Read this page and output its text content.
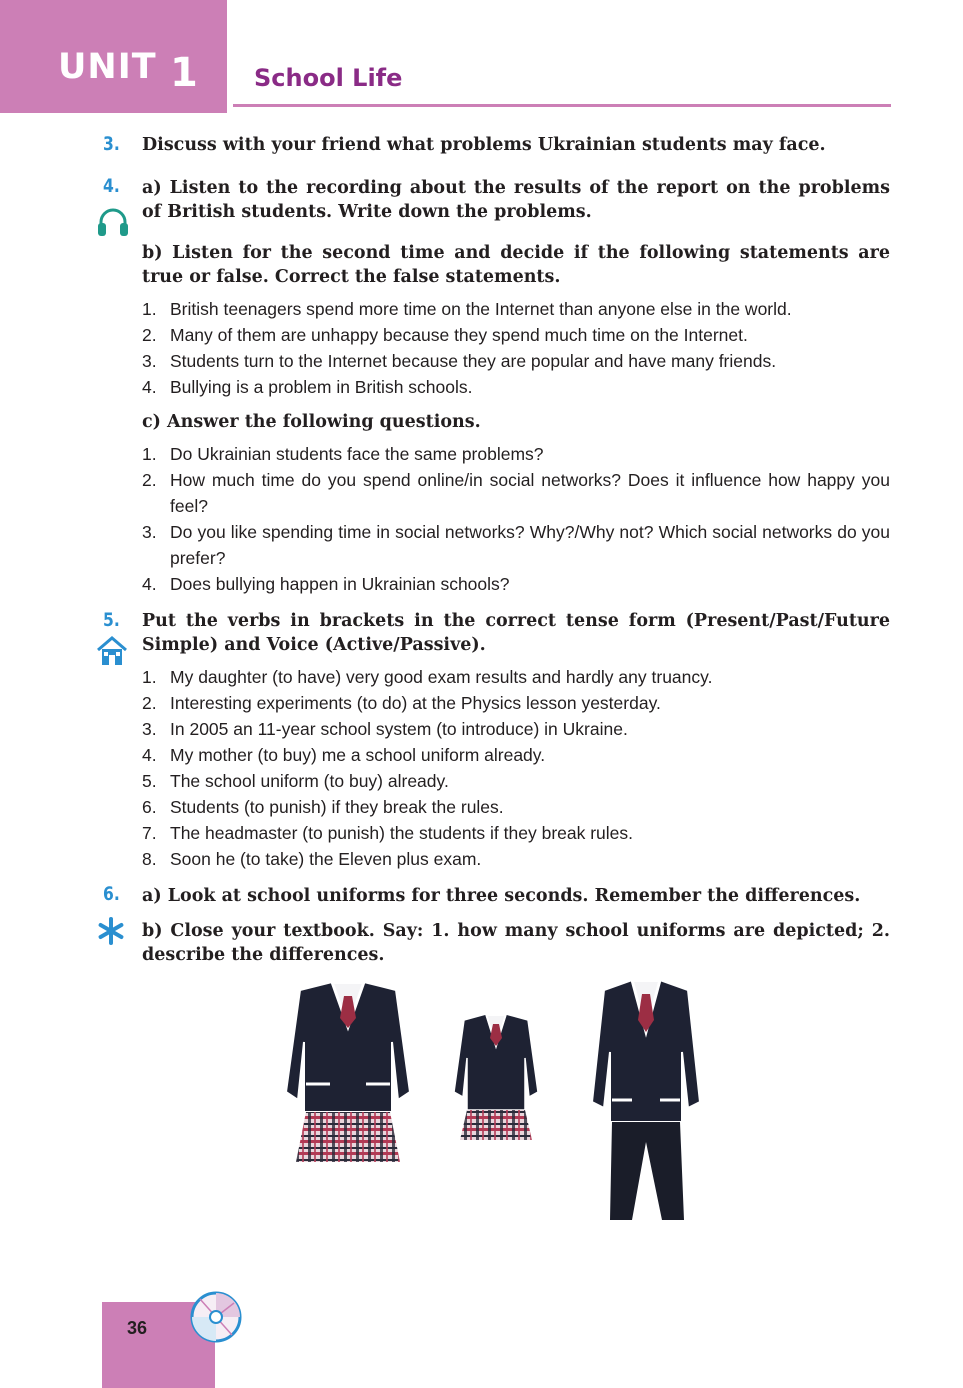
UNIT 1 School Life
3. Discuss with your friend what problems Ukrainian students may face.
4. a) Listen to the recording about the results of the report on the problems of British students. Write down the problems.
b) Listen for the second time and decide if the following statements are true or false. Correct the false statements.
1. British teenagers spend more time on the Internet than anyone else in the world.
2. Many of them are unhappy because they spend much time on the Internet.
3. Students turn to the Internet because they are popular and have many friends.
4. Bullying is a problem in British schools.
c) Answer the following questions.
1. Do Ukrainian students face the same problems?
2. How much time do you spend online/in social networks? Does it influence how happy you feel?
3. Do you like spending time in social networks? Why?/Why not? Which social networks do you prefer?
4. Does bullying happen in Ukrainian schools?
5. Put the verbs in brackets in the correct tense form (Present/Past/Future Simple) and Voice (Active/Passive).
1. My daughter (to have) very good exam results and hardly any truancy.
2. Interesting experiments (to do) at the Physics lesson yesterday.
3. In 2005 an 11-year school system (to introduce) in Ukraine.
4. My mother (to buy) me a school uniform already.
5. The school uniform (to buy) already.
6. Students (to punish) if they break the rules.
7. The headmaster (to punish) the students if they break rules.
8. Soon he (to take) the Eleven plus exam.
6. a) Look at school uniforms for three seconds. Remember the differences.
b) Close your textbook. Say: 1. how many school uniforms are depicted; 2. describe the differences.
36
